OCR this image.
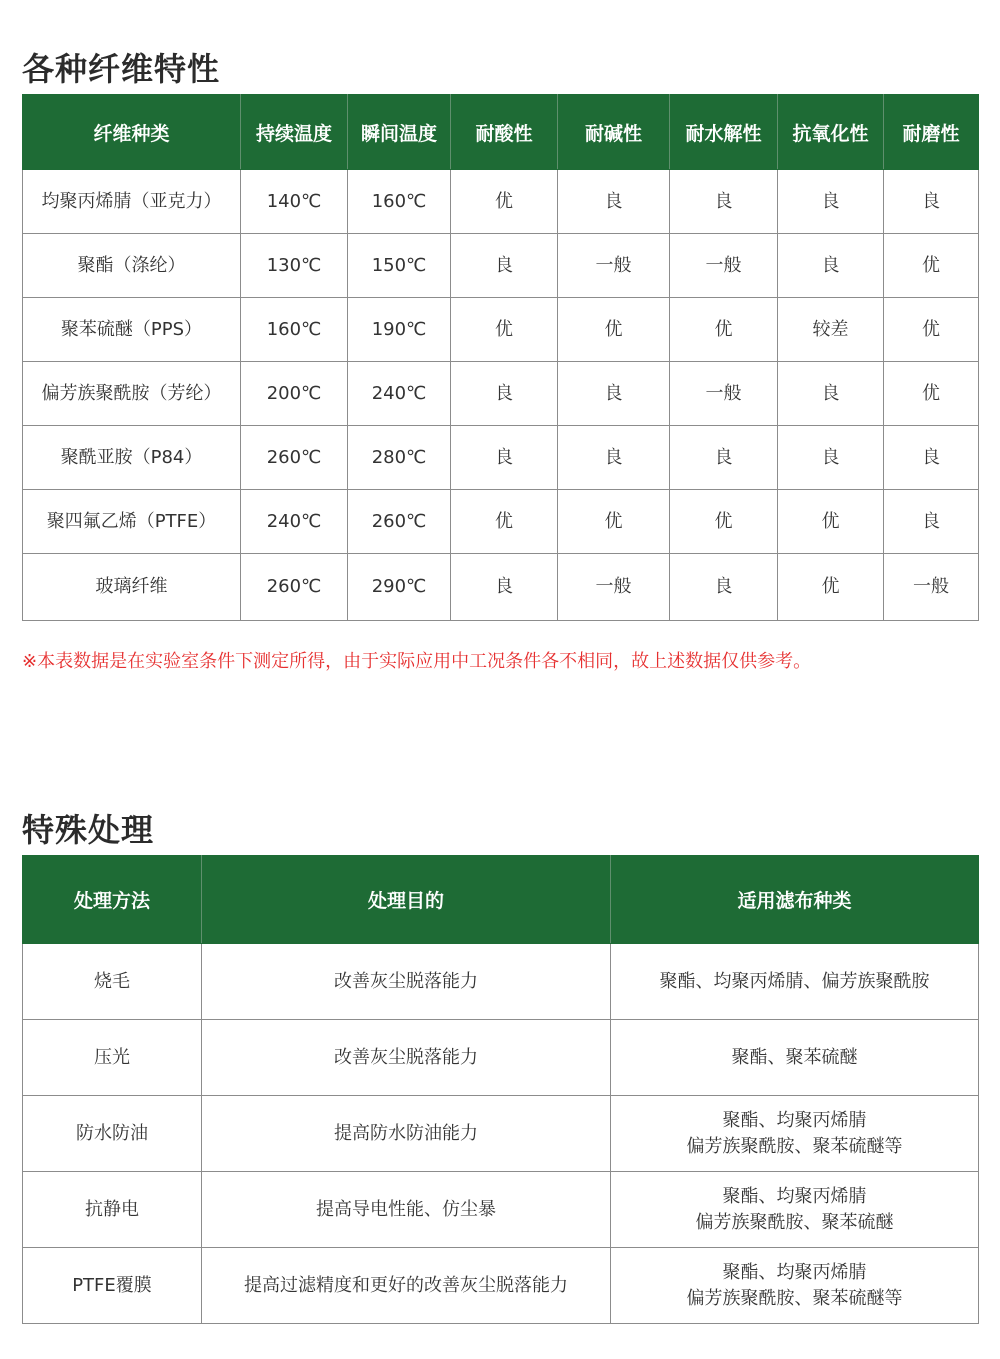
各种纤维特性
纤维种类	持续温度	瞬间温度	耐酸性	耐碱性	耐水解性	抗氧化性	耐磨性
均聚丙烯腈（亚克力）	140℃	160℃	优	良	良	良	良
聚酯（涤纶）	130℃	150℃	良	一般	一般	良	优
聚苯硫醚（PPS）	160℃	190℃	优	优	优	较差	优
偏芳族聚酰胺（芳纶）	200℃	240℃	良	良	一般	良	优
聚酰亚胺（P84）	260℃	280℃	良	良	良	良	良
聚四氟乙烯（PTFE）	240℃	260℃	优	优	优	优	良
玻璃纤维	260℃	290℃	良	一般	良	优	一般

※本表数据是在实验室条件下测定所得，由于实际应用中工况条件各不相同，故上述数据仅供参考。

特殊处理
处理方法	处理目的	适用滤布种类
烧毛	改善灰尘脱落能力	聚酯、均聚丙烯腈、偏芳族聚酰胺
压光	改善灰尘脱落能力	聚酯、聚苯硫醚
防水防油	提高防水防油能力	聚酯、均聚丙烯腈
偏芳族聚酰胺、聚苯硫醚等
抗静电	提高导电性能、仿尘暴	聚酯、均聚丙烯腈
偏芳族聚酰胺、聚苯硫醚
PTFE覆膜	提高过滤精度和更好的改善灰尘脱落能力	聚酯、均聚丙烯腈
偏芳族聚酰胺、聚苯硫醚等
